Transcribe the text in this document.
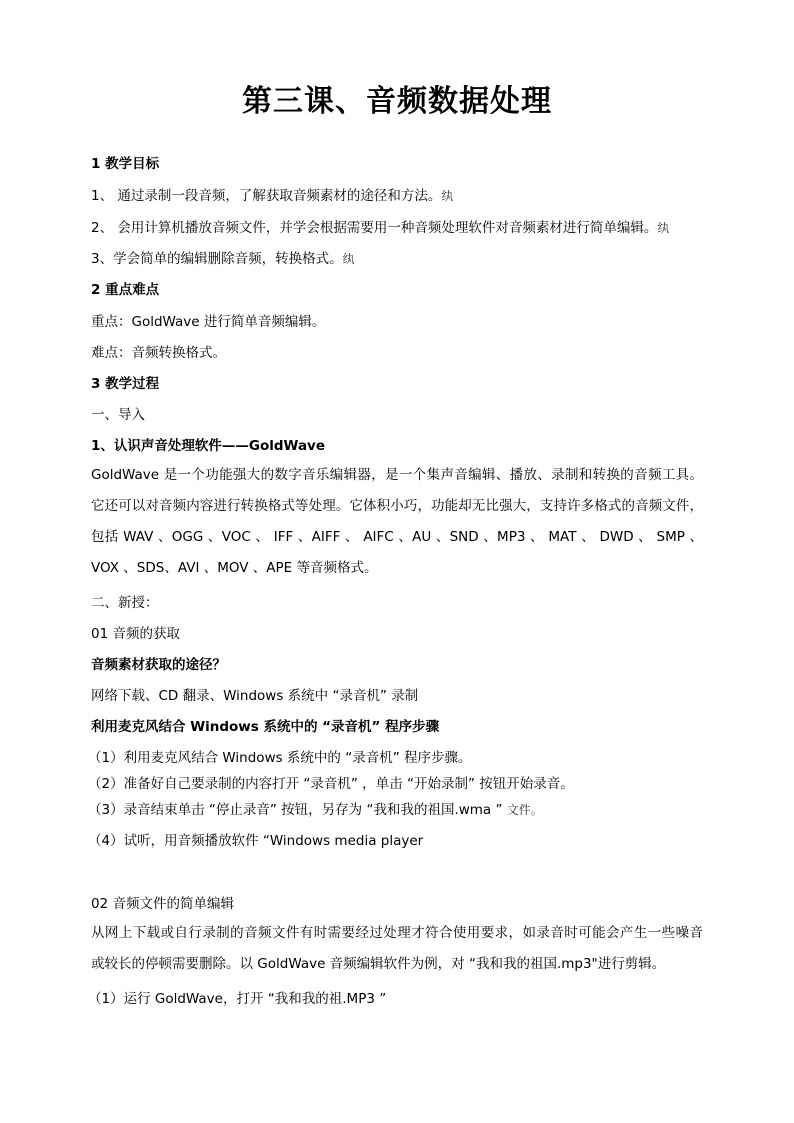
第三课、音频数据处理
1 教学目标
1、 通过录制一段音频，了解获取音频素材的途径和方法。纨
2、 会用计算机播放音频文件，并学会根据需要用一种音频处理软件对音频素材进行简单编辑。纨
3、学会简单的编辑删除音频，转换格式。纨
2 重点难点
重点：GoldWave 进行简单音频编辑。
难点：音频转换格式。
3 教学过程
一、导入
1、认识声音处理软件——GoldWave
GoldWave 是一个功能强大的数字音乐编辑器，是一个集声音编辑、播放、录制和转换的音频工具。
它还可以对音频内容进行转换格式等处理。它体积小巧，功能却无比强大，支持许多格式的音频文件，
包括 WAV 、OGG 、VOC 、 IFF 、AIFF 、 AIFC 、AU 、SND 、MP3 、 MAT 、 DWD 、 SMP 、
VOX 、SDS、AVI 、MOV 、APE 等音频格式。
二、新授：
01 音频的获取
音频素材获取的途径？
网络下载、CD 翻录、Windows 系统中 “录音机” 录制
利用麦克风结合 Windows 系统中的 “录音机” 程序步骤
（1）利用麦克风结合 Windows 系统中的 “录音机” 程序步骤。
（2）准备好自己要录制的内容打开 “录音机” ，单击 “开始录制” 按钮开始录音。
（3）录音结束单击 “停止录音” 按钮，另存为 “我和我的祖国.wma ” 文件。
（4）试听，用音频播放软件 “Windows media player
02 音频文件的简单编辑
从网上下载或自行录制的音频文件有时需要经过处理才符合使用要求，如录音时可能会产生一些噪音
或较长的停顿需要删除。以 GoldWave 音频编辑软件为例，对 “我和我的祖国.mp3"进行剪辑。
（1）运行 GoldWave，打开 “我和我的祖.MP3 ”
